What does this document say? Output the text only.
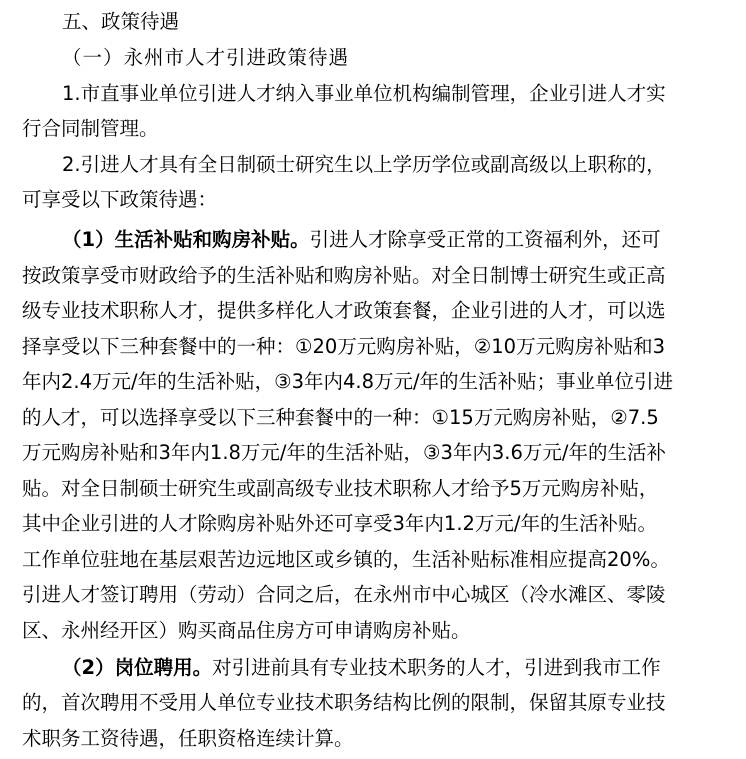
五、政策待遇
（一）永州市人才引进政策待遇
1.市直事业单位引进人才纳入事业单位机构编制管理，企业引进人才实
行合同制管理。
2.引进人才具有全日制硕士研究生以上学历学位或副高级以上职称的，
可享受以下政策待遇：
（1）生活补贴和购房补贴。引进人才除享受正常的工资福利外，还可
按政策享受市财政给予的生活补贴和购房补贴。对全日制博士研究生或正高
级专业技术职称人才，提供多样化人才政策套餐，企业引进的人才，可以选
择享受以下三种套餐中的一种：①20万元购房补贴，②10万元购房补贴和3
年内2.4万元/年的生活补贴，③3年内4.8万元/年的生活补贴；事业单位引进
的人才，可以选择享受以下三种套餐中的一种：①15万元购房补贴，②7.5
万元购房补贴和3年内1.8万元/年的生活补贴，③3年内3.6万元/年的生活补
贴。对全日制硕士研究生或副高级专业技术职称人才给予5万元购房补贴，
其中企业引进的人才除购房补贴外还可享受3年内1.2万元/年的生活补贴。
工作单位驻地在基层艰苦边远地区或乡镇的，生活补贴标准相应提高20%。
引进人才签订聘用（劳动）合同之后，在永州市中心城区（冷水滩区、零陵
区、永州经开区）购买商品住房方可申请购房补贴。
（2）岗位聘用。对引进前具有专业技术职务的人才，引进到我市工作
的，首次聘用不受用人单位专业技术职务结构比例的限制，保留其原专业技
术职务工资待遇，任职资格连续计算。
